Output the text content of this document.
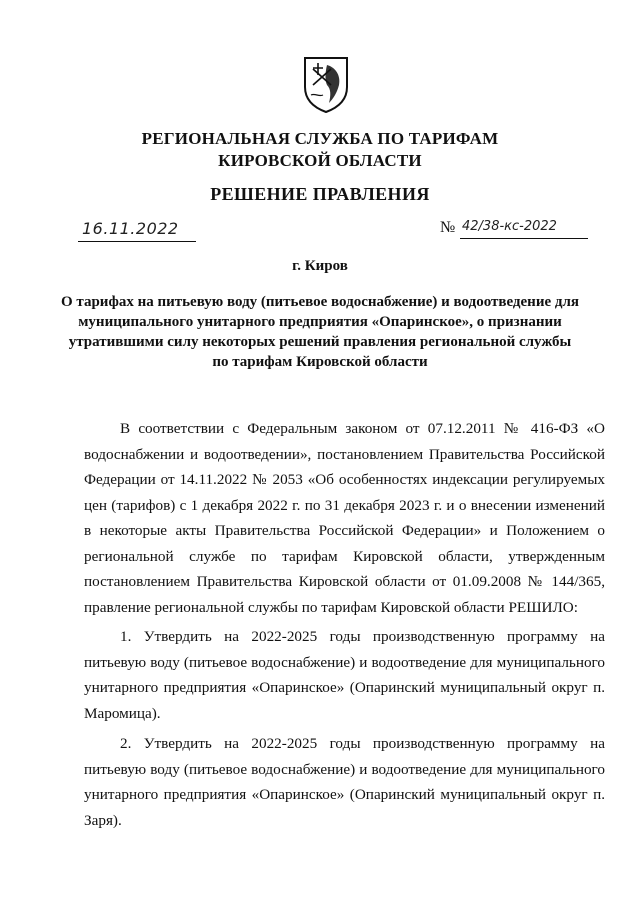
РЕГИОНАЛЬНАЯ СЛУЖБА ПО ТАРИФАМ
КИРОВСКОЙ ОБЛАСТИ
РЕШЕНИЕ ПРАВЛЕНИЯ
16.11.2022	№ 42/38-кс-2022
г. Киров
О тарифах на питьевую воду (питьевое водоснабжение) и водоотведение для муниципального унитарного предприятия «Опаринское», о признании утратившими силу некоторых решений правления региональной службы по тарифам Кировской области
В соответствии с Федеральным законом от 07.12.2011 № 416-ФЗ «О водоснабжении и водоотведении», постановлением Правительства Российской Федерации от 14.11.2022 № 2053 «Об особенностях индексации регулируемых цен (тарифов) с 1 декабря 2022 г. по 31 декабря 2023 г. и о внесении изменений в некоторые акты Правительства Российской Федерации» и Положением о региональной службе по тарифам Кировской области, утвержденным постановлением Правительства Кировской области от 01.09.2008 № 144/365, правление региональной службы по тарифам Кировской области РЕШИЛО:
1. Утвердить на 2022-2025 годы производственную программу на питьевую воду (питьевое водоснабжение) и водоотведение для муниципального унитарного предприятия «Опаринское» (Опаринский муниципальный округ п. Маромица).
2. Утвердить на 2022-2025 годы производственную программу на питьевую воду (питьевое водоснабжение) и водоотведение для муниципального унитарного предприятия «Опаринское» (Опаринский муниципальный округ п. Заря).
